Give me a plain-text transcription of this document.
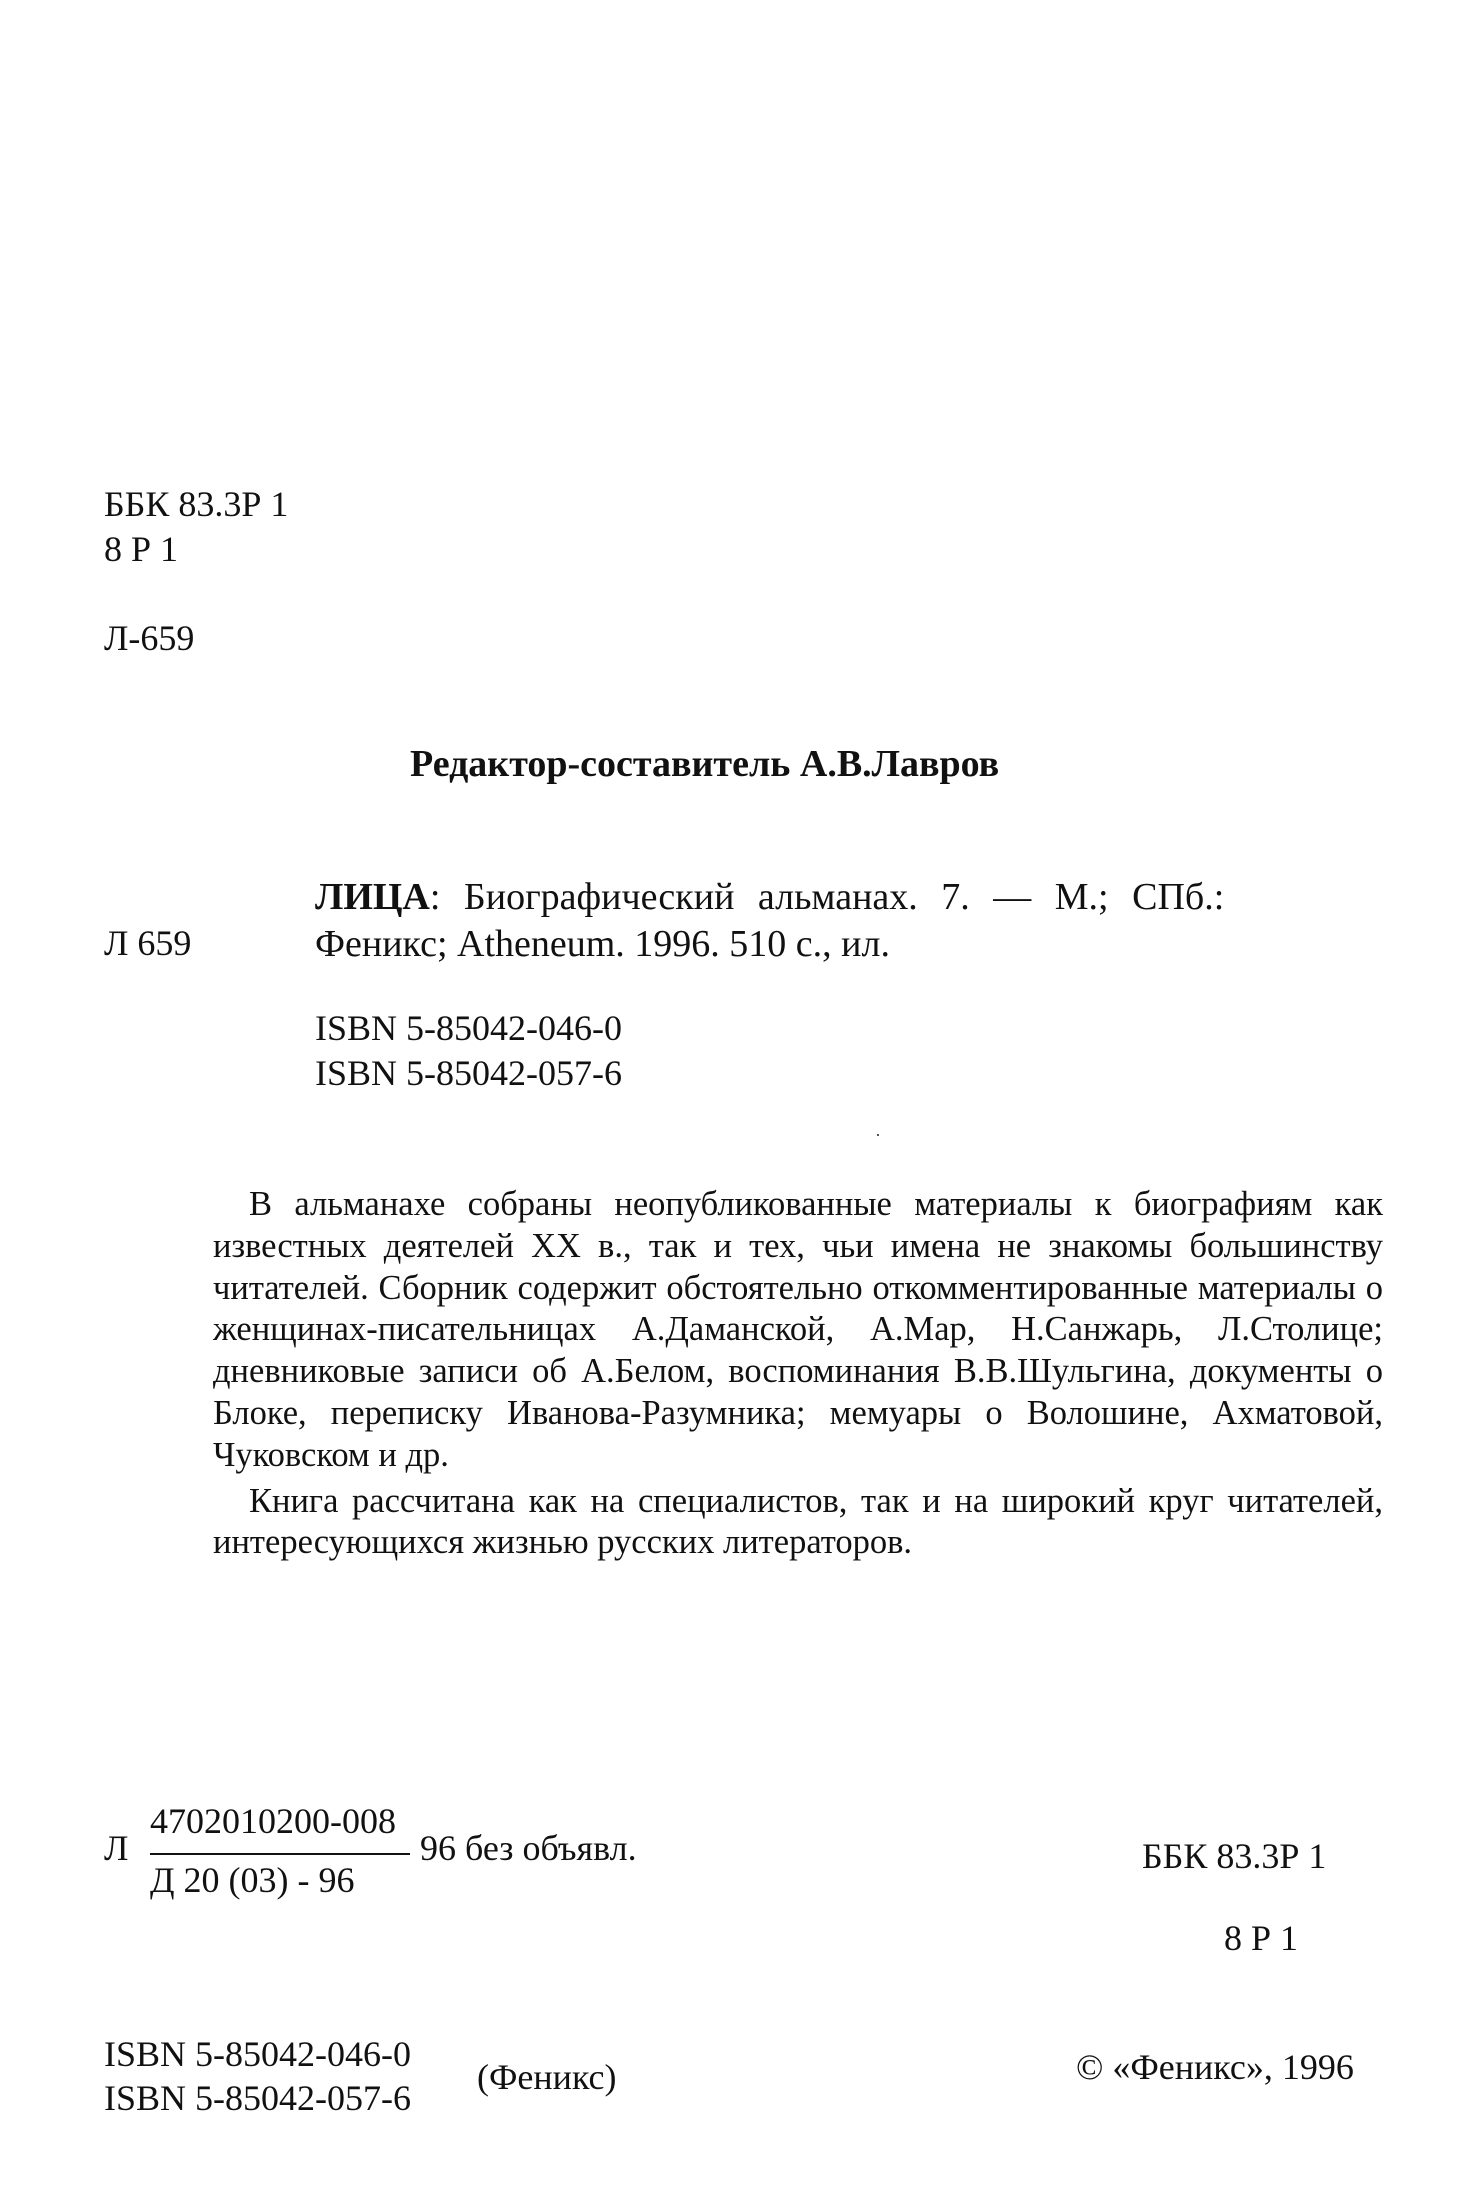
ББК 83.3Р 1
8 Р 1
Л-659
Редактор-составитель А.В.Лавров
Л 659
ЛИЦА : Биографический альманах. 7. — М.; СПб.:
Феникс; Atheneum. 1996. 510 с., ил.
ISBN 5-85042-046-0
ISBN 5-85042-057-6

В альманахе собраны неопубликованные материалы к биографиям как известных деятелей XX в., так и тех, чьи имена не знакомы большинству читателей. Сборник содержит обстоятельно откомментированные материалы о женщинах-писательницах А.Даманской, А.Мар, Н.Санжарь, Л.Столице; дневниковые записи об А.Белом, воспоминания В.В.Шульгина, документы о Блоке, переписку Иванова-Разумника; мемуары о Волошине, Ахматовой, Чуковском и др.

Книга рассчитана как на специалистов, так и на широкий круг читателей, интересующихся жизнью русских литераторов.

Л
4702010200-008
Д 20 (03) - 96
96 без объявл.	ББК 83.3Р 1
8 Р 1
ISBN 5-85042-046-0
ISBN 5-85042-057-6
(Феникс)	© «Феникс», 1996
